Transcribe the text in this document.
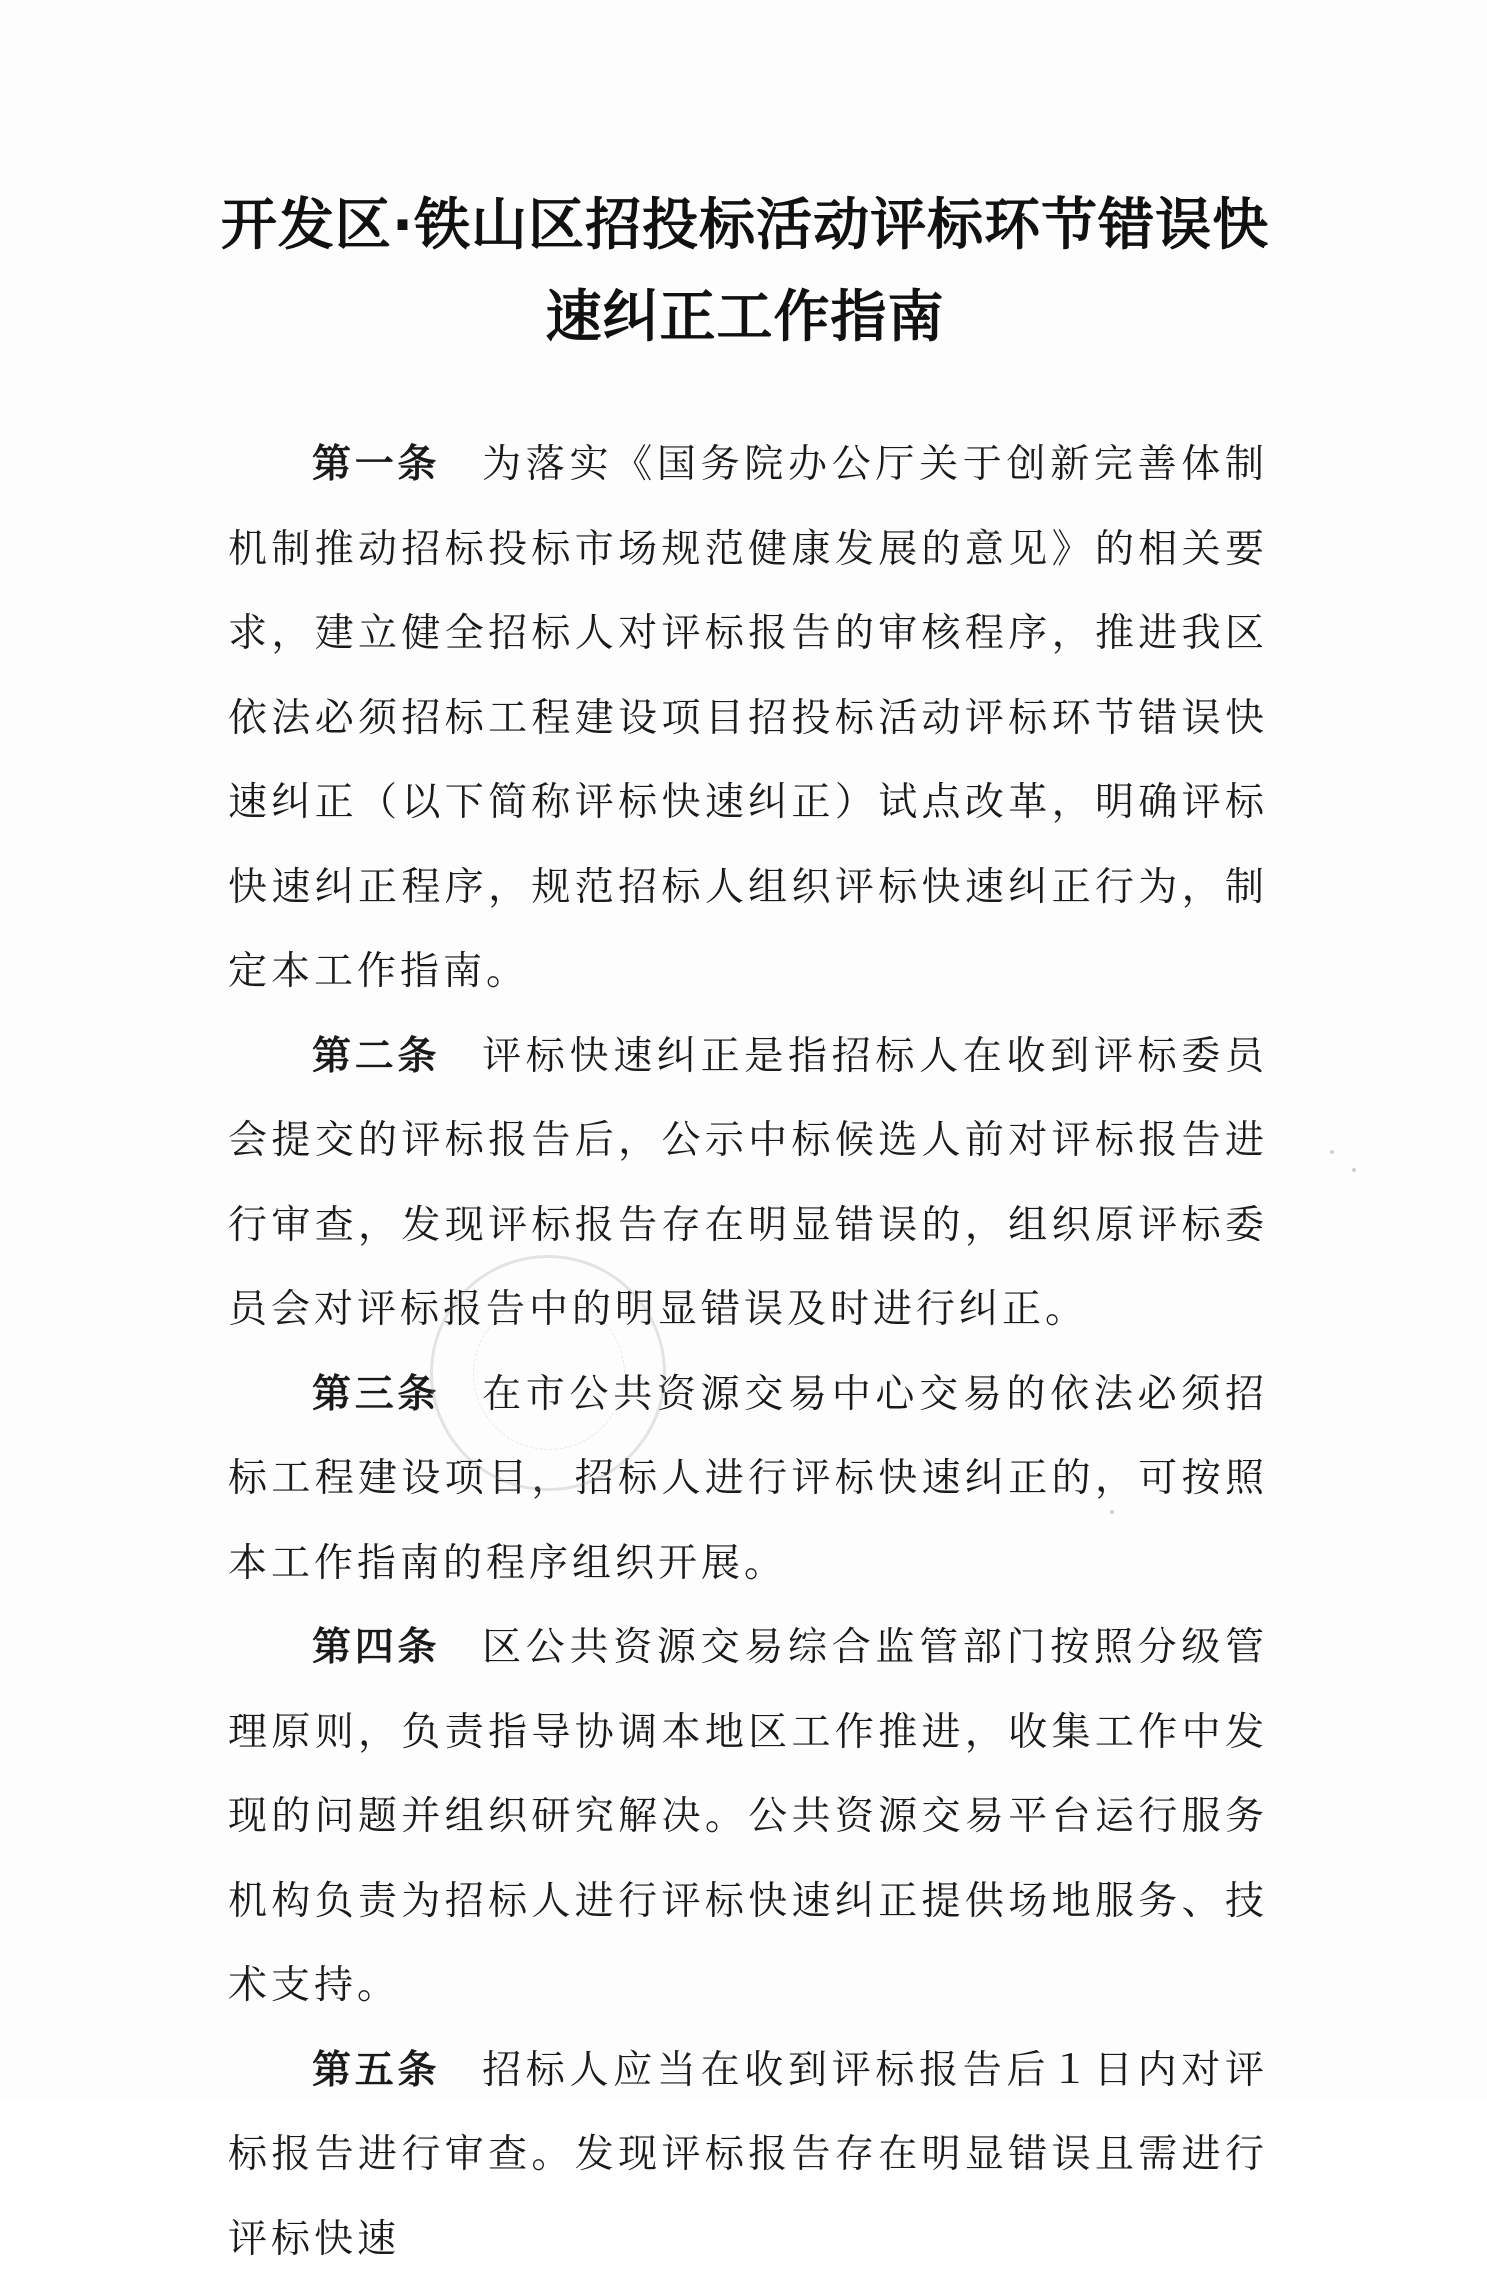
开发区·铁山区招投标活动评标环节错误快
速纠正工作指南

第一条 为落实《国务院办公厅关于创新完善体制机制推动招标投标市场规范健康发展的意见》的相关要求，建立健全招标人对评标报告的审核程序，推进我区依法必须招标工程建设项目招投标活动评标环节错误快速纠正（以下简称评标快速纠正）试点改革，明确评标快速纠正程序，规范招标人组织评标快速纠正行为，制定本工作指南。

第二条 评标快速纠正是指招标人在收到评标委员会提交的评标报告后，公示中标候选人前对评标报告进行审查，发现评标报告存在明显错误的，组织原评标委员会对评标报告中的明显错误及时进行纠正。

第三条 在市公共资源交易中心交易的依法必须招标工程建设项目，招标人进行评标快速纠正的，可按照本工作指南的程序组织开展。

第四条 区公共资源交易综合监管部门按照分级管理原则，负责指导协调本地区工作推进，收集工作中发现的问题并组织研究解决。公共资源交易平台运行服务机构负责为招标人进行评标快速纠正提供场地服务、技术支持。

第五条 招标人应当在收到评标报告后１日内对评标报告进行审查。发现评标报告存在明显错误且需进行评标快速
